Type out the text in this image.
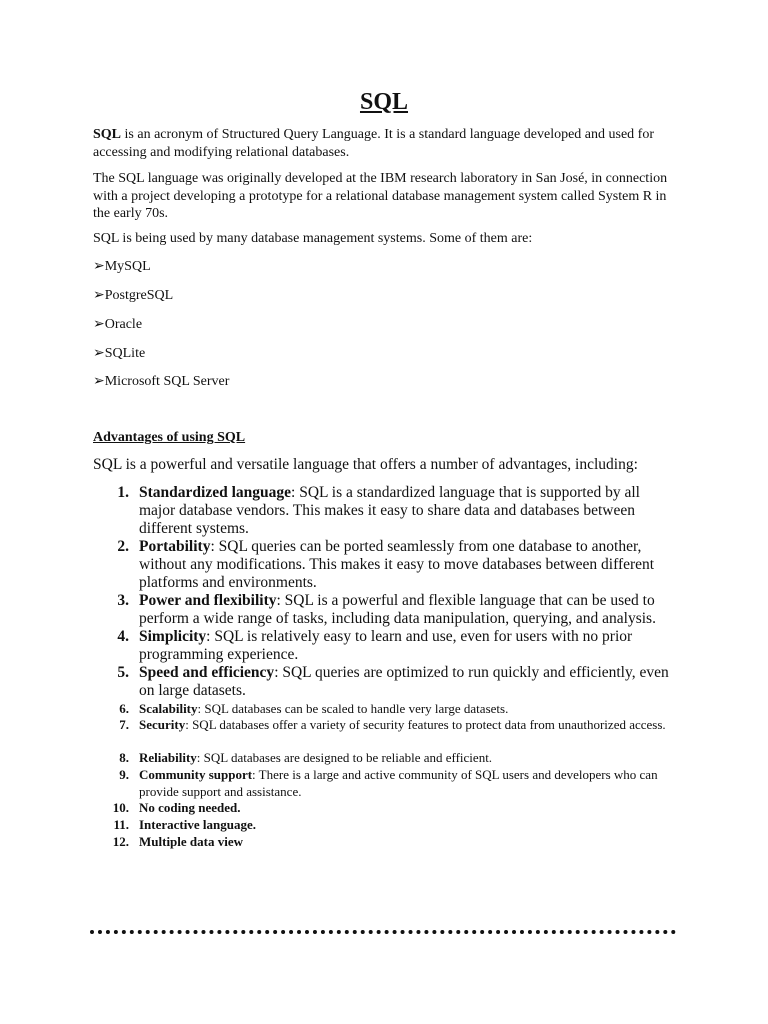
SQL

SQL is an acronym of Structured Query Language. It is a standard language developed and used for accessing and modifying relational databases.

The SQL language was originally developed at the IBM research laboratory in San José, in connection with a project developing a prototype for a relational database management system called System R in the early 70s.

SQL is being used by many database management systems. Some of them are:

➢MySQL

➢PostgreSQL

➢Oracle

➢SQLite

➢Microsoft SQL Server

Advantages of using SQL

SQL is a powerful and versatile language that offers a number of advantages, including:

1. Standardized language: SQL is a standardized language that is supported by all major database vendors. This makes it easy to share data and databases between different systems.
2. Portability: SQL queries can be ported seamlessly from one database to another, without any modifications. This makes it easy to move databases between different platforms and environments.
3. Power and flexibility: SQL is a powerful and flexible language that can be used to perform a wide range of tasks, including data manipulation, querying, and analysis.
4. Simplicity: SQL is relatively easy to learn and use, even for users with no prior programming experience.
5. Speed and efficiency: SQL queries are optimized to run quickly and efficiently, even on large datasets.
6. Scalability: SQL databases can be scaled to handle very large datasets.
7. Security: SQL databases offer a variety of security features to protect data from unauthorized access.
8. Reliability: SQL databases are designed to be reliable and efficient.
9. Community support: There is a large and active community of SQL users and developers who can provide support and assistance.
10. No coding needed.
11. Interactive language.
12. Multiple data view
